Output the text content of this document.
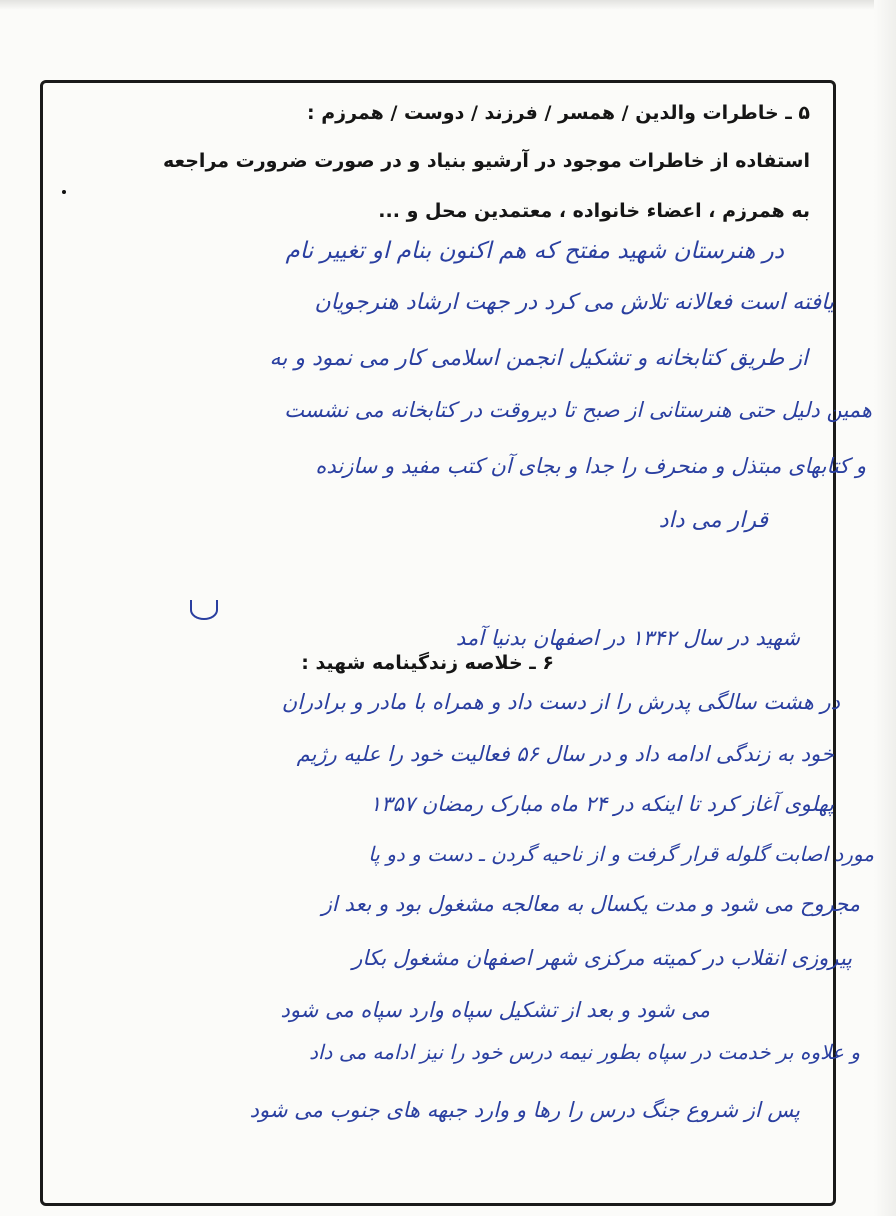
۵ ـ خاطرات والدین / همسر / فرزند / دوست / همرزم :
استفاده از خاطرات موجود در آرشیو بنیاد و در صورت ضرورت مراجعه
به همرزم ، اعضاء خانواده ، معتمدین محل و ...
در هنرستان شهید مفتح که هم اکنون بنام او تغییر نام
یافته است فعالانه تلاش می کرد در جهت ارشاد هنرجویان
از طریق کتابخانه و تشکیل انجمن اسلامی کار می نمود و به
همین دلیل حتی هنرستانی از صبح تا دیروقت در کتابخانه می نشست
و کتابهای مبتذل و منحرف را جدا و بجای آن کتب مفید و سازنده
قرار می داد
۶ ـ خلاصه زندگینامه شهید :
شهید در سال ۱۳۴۲ در اصفهان بدنیا آمد
در هشت سالگی پدرش را از دست داد و همراه با مادر و برادران
خود به زندگی ادامه داد و در سال ۵۶ فعالیت خود را علیه رژیم
پهلوی آغاز کرد تا اینکه در ۲۴ ماه مبارک رمضان ۱۳۵۷
مورد اصابت گلوله قرار گرفت و از ناحیه گردن ـ دست و دو پا
مجروح می شود و مدت یکسال به معالجه مشغول بود و بعد از
پیروزی انقلاب در کمیته مرکزی شهر اصفهان مشغول بکار
می شود و بعد از تشکیل سپاه وارد سپاه می شود
و علاوه بر خدمت در سپاه بطور نیمه درس خود را نیز ادامه می داد
پس از شروع جنگ درس را رها و وارد جبهه های جنوب می شود
